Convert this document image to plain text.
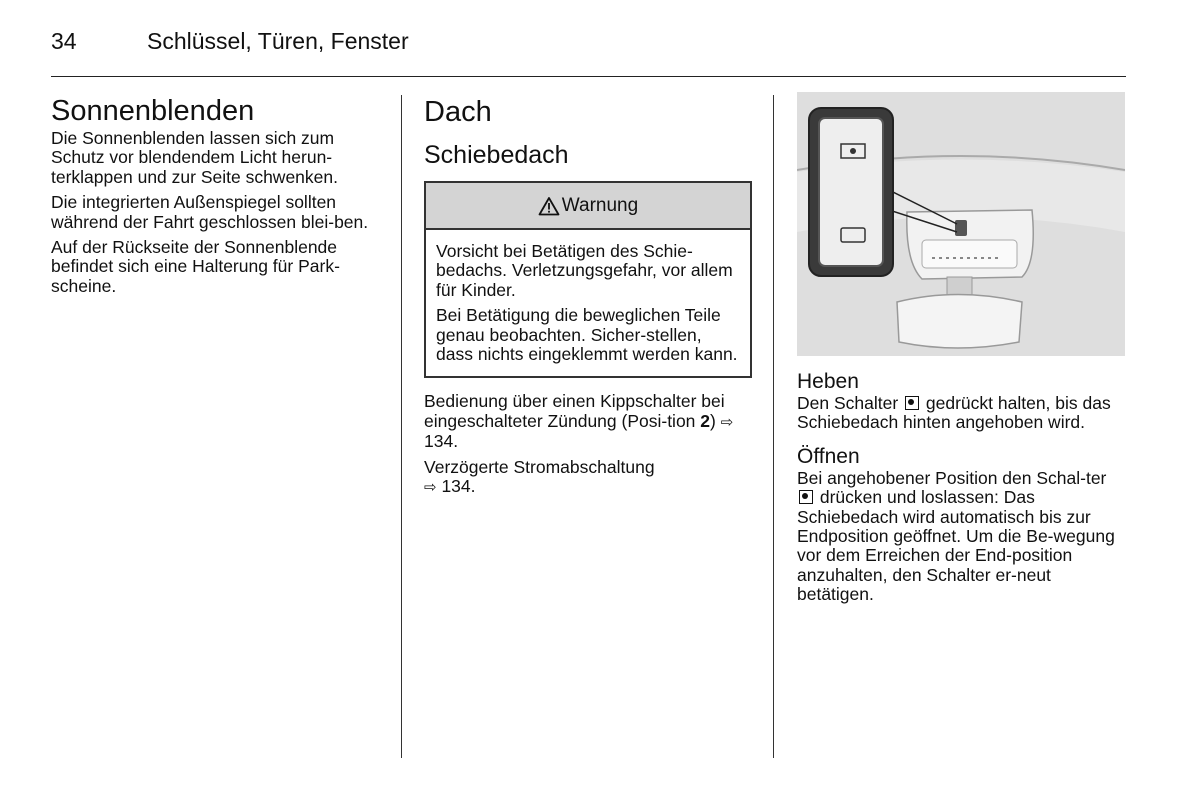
34	Schlüssel, Türen, Fenster
Sonnenblenden

Die Sonnenblenden lassen sich zum Schutz vor blendendem Licht herun-terklappen und zur Seite schwenken.

Die integrierten Außenspiegel sollten während der Fahrt geschlossen blei-ben.

Auf der Rückseite der Sonnenblende befindet sich eine Halterung für Park-scheine.

Dach
Schiebedach
Warnung

Vorsicht bei Betätigen des Schie-bedachs. Verletzungsgefahr, vor allem für Kinder.

Bei Betätigung die beweglichen Teile genau beobachten. Sicher-stellen, dass nichts eingeklemmt werden kann.

Bedienung über einen Kippschalter bei eingeschalteter Zündung (Posi-tion 2) ⇨ 134.

Verzögerte Stromabschaltung
⇨ 134.

Heben

Den Schalter  gedrückt halten, bis das Schiebedach hinten angehoben wird.

Öffnen

Bei angehobener Position den Schal-ter  drücken und loslassen: Das Schiebedach wird automatisch bis zur Endposition geöffnet. Um die Be-wegung vor dem Erreichen der End-position anzuhalten, den Schalter er-neut betätigen.
